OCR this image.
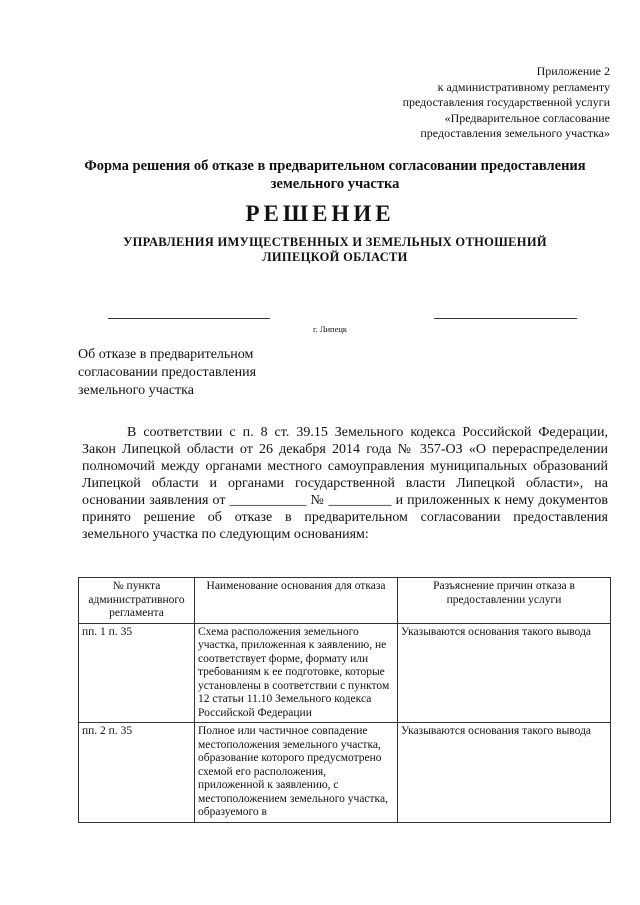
Приложение 2
к административному регламенту
предоставления государственной услуги
«Предварительное согласование
предоставления земельного участка»
Форма решения об отказе в предварительном согласовании предоставления земельного участка
РЕШЕНИЕ
УПРАВЛЕНИЯ ИМУЩЕСТВЕННЫХ И ЗЕМЕЛЬНЫХ ОТНОШЕНИЙ ЛИПЕЦКОЙ ОБЛАСТИ
г. Липецк
Об отказе в предварительном согласовании предоставления земельного участка

В соответствии с п. 8 ст. 39.15 Земельного кодекса Российской Федерации, Закон Липецкой области от 26 декабря 2014 года № 357-ОЗ «О перераспределении полномочий между органами местного самоуправления муниципальных образований Липецкой области и органами государственной власти Липецкой области», на основании заявления от ___________ № _________ и приложенных к нему документов принято решение об отказе в предварительном согласовании предоставления земельного участка по следующим основаниям:

№ пункта административного регламента	Наименование основания для отказа	Разъяснение причин отказа в предоставлении услуги
пп. 1 п. 35	Схема расположения земельного участка, приложенная к заявлению, не соответствует форме, формату или требованиям к ее подготовке, которые установлены в соответствии с пунктом 12 статьи 11.10 Земельного кодекса Российской Федерации	Указываются основания такого вывода
пп. 2 п. 35	Полное или частичное совпадение местоположения земельного участка, образование которого предусмотрено схемой его расположения, приложенной к заявлению, с местоположением земельного участка, образуемого в	Указываются основания такого вывода
